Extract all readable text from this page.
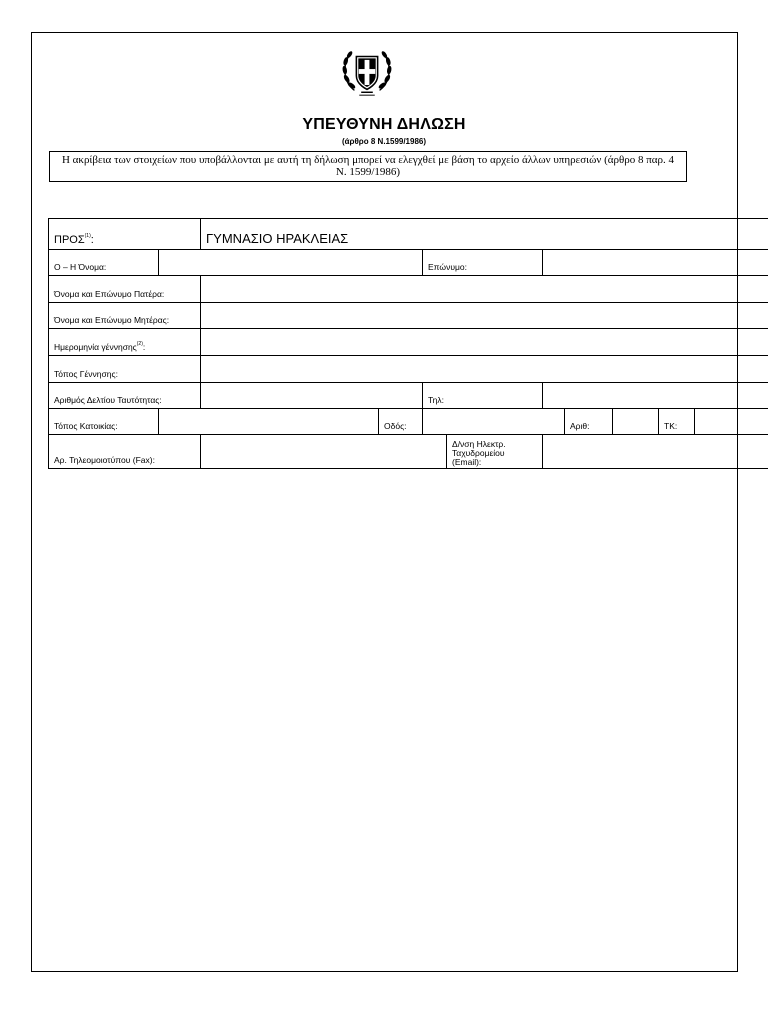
ΥΠΕΥΘΥΝΗ ΔΗΛΩΣΗ
(άρθρο 8 Ν.1599/1986)
Η ακρίβεια των στοιχείων που υποβάλλονται με αυτή τη δήλωση μπορεί να ελεγχθεί με βάση το αρχείο άλλων υπηρεσιών (άρθρο 8 παρ. 4 Ν. 1599/1986)
ΠΡΟΣ$^{(1)}$:		ΓΥΜΝΑΣΙΟ ΗΡΑΚΛΕΙΑΣ								
Ο – Η Όνομα:				Επώνυμο:						
Όνομα και Επώνυμο Πατέρα:										
Όνομα και Επώνυμο Μητέρας:										
Ημερομηνία γέννησης$^{(2)}$:										
Τόπος Γέννησης:										
Αριθμός Δελτίου Ταυτότητας:				Τηλ:						
Τόπος Κατοικίας:			Οδός:				Αριθ:		ΤΚ:	
Αρ. Τηλεομοιοτύπου (Fax):					Δ/νση Ηλεκτρ.
Ταχυδρομείου
(Email):					
